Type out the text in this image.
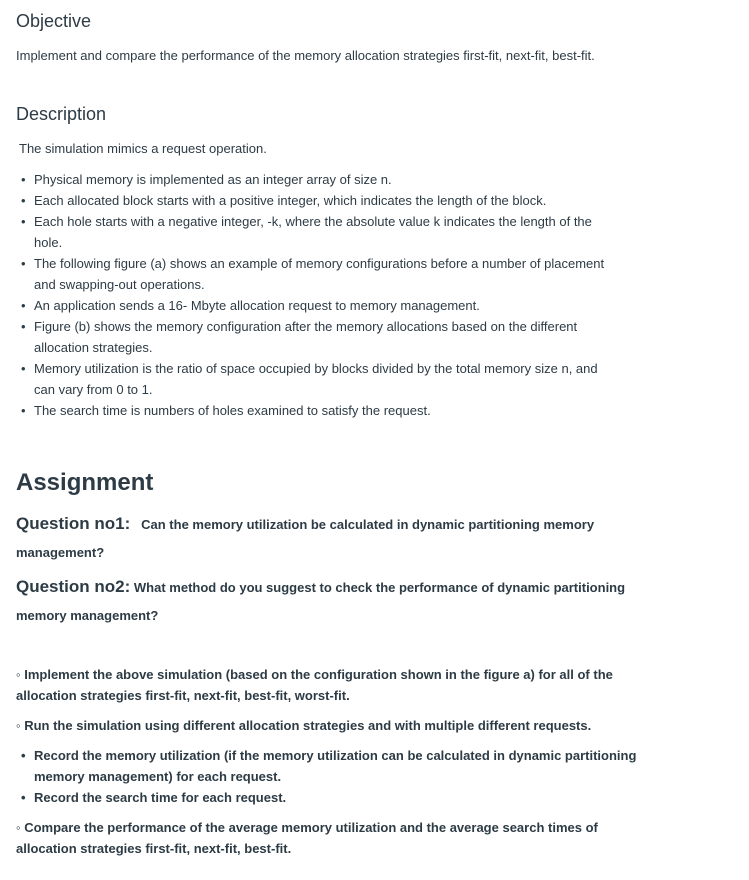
Objective

Implement and compare the performance of the memory allocation strategies first-fit, next-fit, best-fit.

Description

The simulation mimics a request operation.

• Physical memory is implemented as an integer array of size n.
• Each allocated block starts with a positive integer, which indicates the length of the block.
• Each hole starts with a negative integer, -k, where the absolute value k indicates the length of the
hole.
• The following figure (a) shows an example of memory configurations before a number of placement
and swapping-out operations.
• An application sends a 16- Mbyte allocation request to memory management.
• Figure (b) shows the memory configuration after the memory allocations based on the different
allocation strategies.
• Memory utilization is the ratio of space occupied by blocks divided by the total memory size n, and
can vary from 0 to 1.
• The search time is numbers of holes examined to satisfy the request.
Assignment
Question no1: Can the memory utilization be calculated in dynamic partitioning memory
management?
Question no2: What method do you suggest to check the performance of dynamic partitioning
memory management?
◦ Implement the above simulation (based on the configuration shown in the figure a) for all of the
allocation strategies first-fit, next-fit, best-fit, worst-fit.
◦ Run the simulation using different allocation strategies and with multiple different requests.
• Record the memory utilization (if the memory utilization can be calculated in dynamic partitioning
memory management) for each request.
• Record the search time for each request.
◦ Compare the performance of the average memory utilization and the average search times of
allocation strategies first-fit, next-fit, best-fit.
